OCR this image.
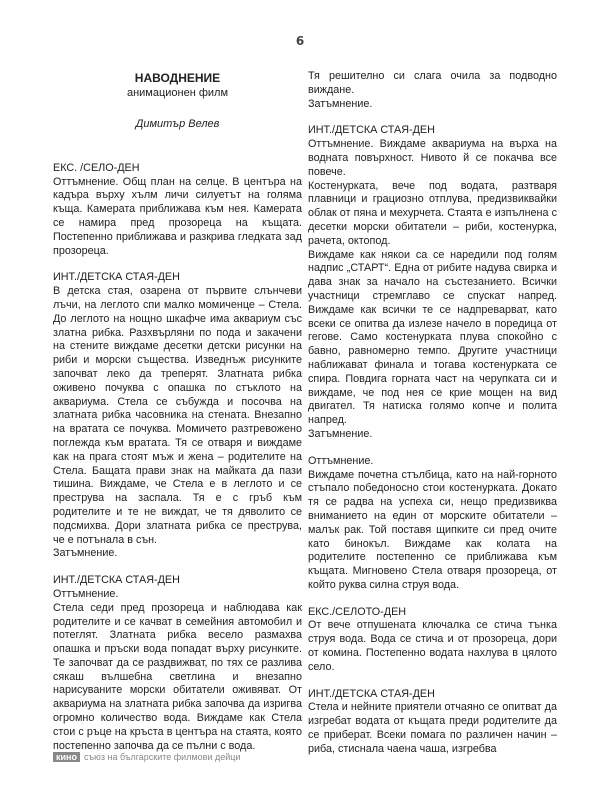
6
НАВОДНЕНИЕ
анимационен филм
Димитър Велев
ЕКС. /СЕЛО-ДЕН
Оттъмнение. Общ план на селце. В центъра на кадъра върху хълм личи силуетът на голяма къща. Камерата приближава към нея. Камерата се намира пред прозореца на къщата. Постепенно приближава и разкрива гледката зад прозореца.
ИНТ./ДЕТСКА СТАЯ-ДЕН
В детска стая, озарена от първите слънчеви лъчи, на леглото спи малко момиченце – Стела. До леглото на нощно шкафче има аквариум със златна рибка. Разхвърляни по пода и закачени на стените виждаме десетки детски рисунки на риби и морски същества. Изведнъж рисунките започват леко да треперят. Златната рибка оживено почуква с опашка по стъклото на аквариума. Стела се събужда и посочва на златната рибка часовника на стената. Внезапно на вратата се почуква. Момичето разтревожено поглежда към вратата. Тя се отваря и виждаме как на прага стоят мъж и жена – родителите на Стела. Бащата прави знак на майката да пази тишина. Виждаме, че Стела е в леглото и се преструва на заспала. Тя е с гръб към родителите и те не виждат, че тя дяволито се подсмихва. Дори златната рибка се преструва, че е потънала в сън.
Затъмнение.
ИНТ./ДЕТСКА СТАЯ-ДЕН
Оттъмнение.
Стела седи пред прозореца и наблюдава как родителите и се качват в семейния автомобил и потеглят. Златната рибка весело размахва опашка и пръски вода попадат върху рисунките. Те започват да се раздвижват, по тях се разлива сякаш вълшебна светлина и внезапно нарисуваните морски обитатели оживяват. От аквариума на златната рибка започва да изригва огромно количество вода. Виждаме как Стела стои с ръце на кръста в центъра на стаята, която постепенно започва да се пълни с вода.
Тя решително си слага очила за подводно виждане.
Затъмнение.
ИНТ./ДЕТСКА СТАЯ-ДЕН
Оттъмнение. Виждаме аквариума на върха на водната повърхност. Нивото й се покачва все повече.
Костенурката, вече под водата, разтваря плавници и грациозно отплува, предизвиквайки облак от пяна и мехурчета. Стаята е изпълнена с десетки морски обитатели – риби, костенурка, рачета, октопод.
Виждаме как някои са се наредили под голям надпис „СТАРТ“. Една от рибите надува свирка и дава знак за начало на състезанието. Всички участници стремглаво се спускат напред. Виждаме как всички те се надпреварват, като всеки се опитва да излезе начело в поредица от гегове. Само костенурката плува спокойно с бавно, равномерно темпо. Другите участници наближават финала и тогава костенурката се спира. Повдига горната част на черупката си и виждаме, че под нея се крие мощен на вид двигател. Тя натиска голямо копче и полита напред.
Затъмнение.
Оттъмнение.
Виждаме почетна стълбица, като на най-горното стъпало победоносно стои костенурката. Докато тя се радва на успеха си, нещо предизвиква вниманието на един от морските обитатели – малък рак. Той поставя щипките си пред очите като бинокъл. Виждаме как колата на родителите постепенно се приближава към къщата. Мигновено Стела отваря прозореца, от който руква силна струя вода.
ЕКС./СЕЛОТО-ДЕН
От вече отпушената ключалка се стича тънка струя вода. Вода се стича и от прозореца, дори от комина. Постепенно водата нахлува в цялото село.
ИНТ./ДЕТСКА СТАЯ-ДЕН
Стела и нейните приятели отчаяно се опитват да изгребат водата от къщата преди родителите да се приберат. Всеки помага по различен начин – риба, стиснала чаена чаша, изгребва
кино съюз на българските филмови дейци
